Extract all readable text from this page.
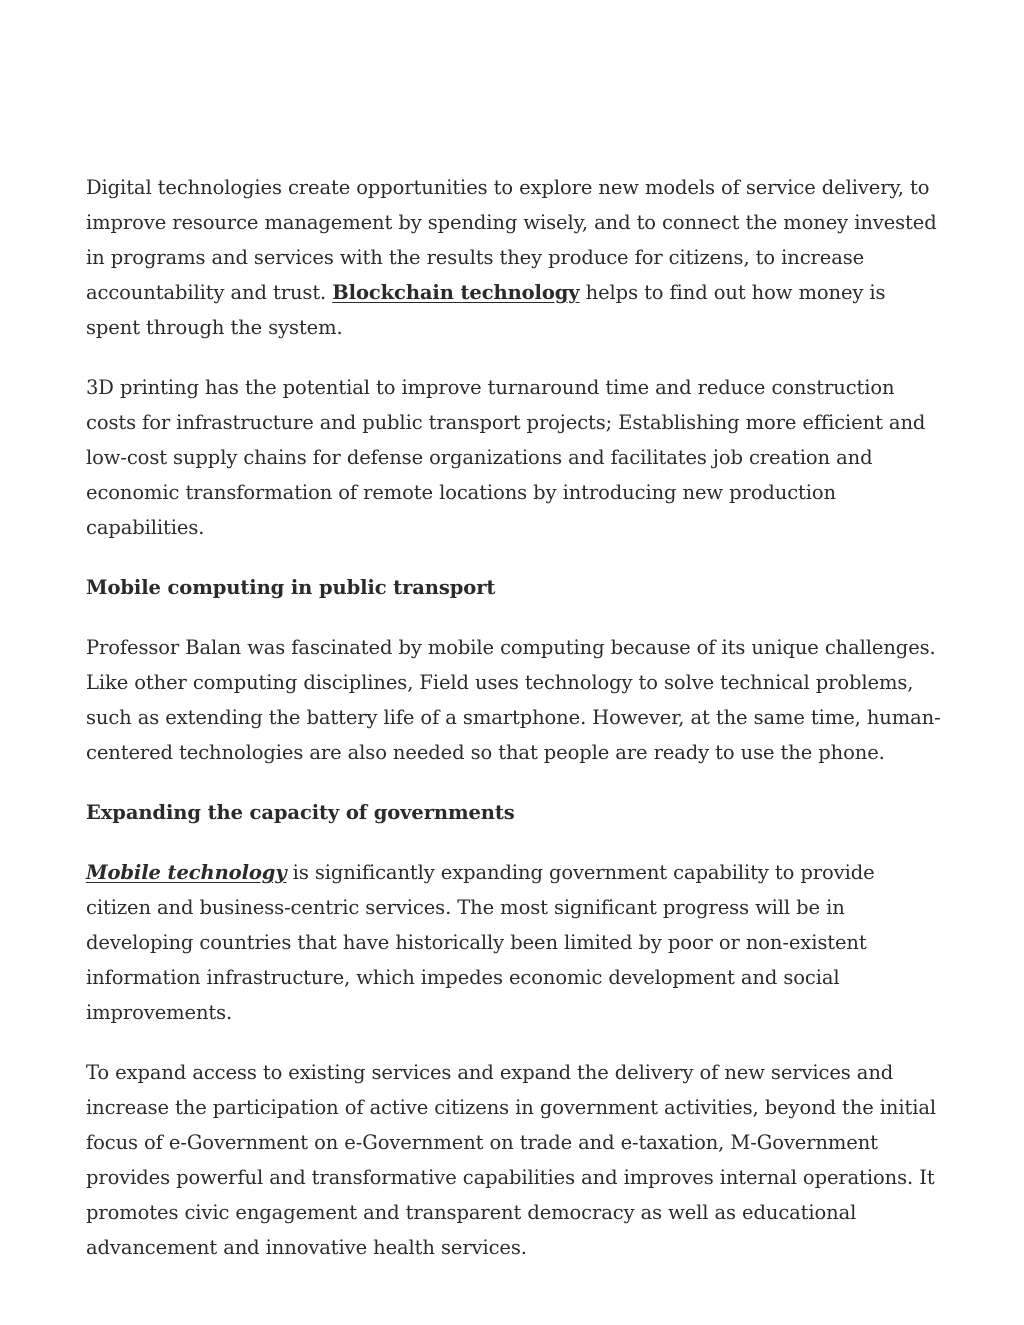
Digital technologies create opportunities to explore new models of service delivery, to improve resource management by spending wisely, and to connect the money invested in programs and services with the results they produce for citizens, to increase accountability and trust. Blockchain technology helps to find out how money is spent through the system.

3D printing has the potential to improve turnaround time and reduce construction costs for infrastructure and public transport projects; Establishing more efficient and low-cost supply chains for defense organizations and facilitates job creation and economic transformation of remote locations by introducing new production capabilities.

Mobile computing in public transport

Professor Balan was fascinated by mobile computing because of its unique challenges. Like other computing disciplines, Field uses technology to solve technical problems, such as extending the battery life of a smartphone. However, at the same time, human-centered technologies are also needed so that people are ready to use the phone.

Expanding the capacity of governments

Mobile technology is significantly expanding government capability to provide citizen and business-centric services. The most significant progress will be in developing countries that have historically been limited by poor or non-existent information infrastructure, which impedes economic development and social improvements.

To expand access to existing services and expand the delivery of new services and increase the participation of active citizens in government activities, beyond the initial focus of e-Government on e-Government on trade and e-taxation, M-Government provides powerful and transformative capabilities and improves internal operations. It promotes civic engagement and transparent democracy as well as educational advancement and innovative health services.
